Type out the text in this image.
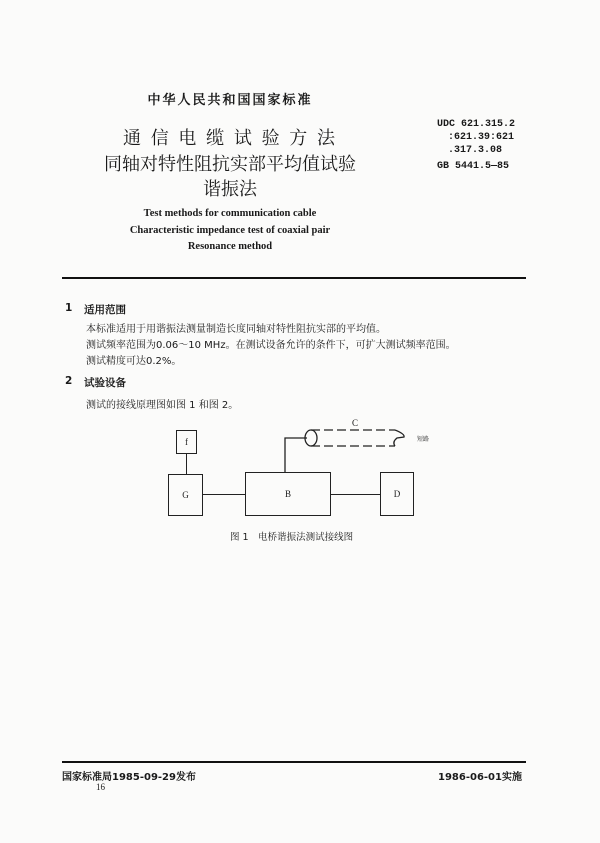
中华人民共和国国家标准
通 信 电 缆 试 验 方 法
同轴对特性阻抗实部平均值试验
谐振法
UDC 621.315.2
:621.39:621
.317.3.08
GB 5441.5—85
Test methods for communication cable
Characteristic impedance test of coaxial pair
Resonance method
1 适用范围
本标准适用于用谐振法测量制造长度同轴对特性阻抗实部的平均值。
测试频率范围为0.06～10 MHz。在测试设备允许的条件下，可扩大测试频率范围。
测试精度可达0.2%。
2 试验设备
测试的接线原理图如图 1 和图 2。
f
G	B	D
C
短路
图 1　电桥谐振法测试接线图
国家标准局1985-09-29发布	1986-06-01实施
16
